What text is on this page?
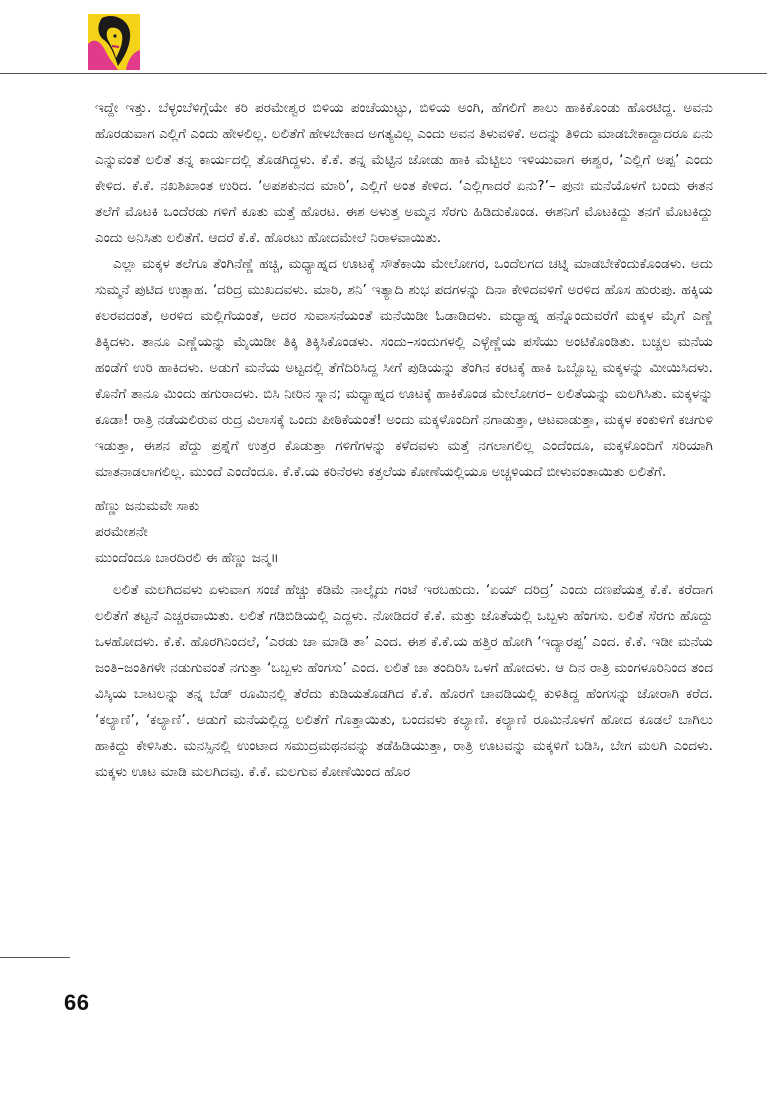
ಇದ್ದೇ ಇತ್ತು. ಬೆಳ್ಳಂಬೆಳಿಗ್ಗೆಯೇ ಕರಿ ಪರಮೇಶ್ವರ ಬಿಳಿಯ ಪಂಚೆಯುಟ್ಟು, ಬಿಳಿಯ ಅಂಗಿ, ಹೆಗಲಿಗೆ ಶಾಲು ಹಾಕಿಕೊಂಡು ಹೊರಟಿದ್ದ. ಅವನು ಹೊರಡುವಾಗ ಎಲ್ಲಿಗೆ ಎಂದು ಹೇಳಲಿಲ್ಲ. ಲಲಿತೆಗೆ ಹೇಳಬೇಕಾದ ಅಗತ್ಯವಿಲ್ಲ ಎಂದು ಅವನ ತಿಳುವಳಿಕೆ. ಅದನ್ನು ತಿಳಿದು ಮಾಡಬೇಕಾದ್ದಾದರೂ ಏನು ಎನ್ನುವಂತೆ ಲಲಿತೆ ತನ್ನ ಕಾರ್ಯದಲ್ಲಿ ತೊಡಗಿದ್ದಳು. ಕೆ.ಕೆ. ತನ್ನ ಮೆಟ್ಟಿನ ಜೋಡು ಹಾಕಿ ಮೆಟ್ಟಿಲು ಇಳಿಯುವಾಗ ಈಶ್ವರ, ‘ಎಲ್ಲಿಗೆ ಅಪ್ಪ’ ಎಂದು ಕೇಳಿದ. ಕೆ.ಕೆ. ನಖಶಿಖಾಂತ ಉರಿದ. ‘ಅಪಶಕುನದ ಮಾರಿ’, ಎಲ್ಲಿಗೆ ಅಂತ ಕೇಳಿದ. ‘ಎಲ್ಲಿಗಾದರೆ ಏನು?’– ಪುನಃ ಮನೆಯೊಳಗೆ ಬಂದು ಈತನ ತಲೆಗೆ ಮೊಟಕಿ ಒಂದೆರಡು ಗಳಿಗೆ ಕೂತು ಮತ್ತೆ ಹೊರಟ. ಈಶ ಅಳುತ್ತ ಅಮ್ಮನ ಸೆರಗು ಹಿಡಿದುಕೊಂಡ. ಈಶನಿಗೆ ಮೊಟಕಿದ್ದು ತನಗೆ ಮೊಟಕಿದ್ದು ಎಂದು ಅನಿಸಿತು ಲಲಿತೆಗೆ. ಆದರೆ ಕೆ.ಕೆ. ಹೊರಟು ಹೋದಮೇಲೆ ನಿರಾಳವಾಯಿತು.

ಎಲ್ಲಾ ಮಕ್ಕಳ ತಲೆಗೂ ತೆಂಗಿನೆಣ್ಣೆ ಹಚ್ಚಿ, ಮಧ್ಯಾಹ್ನದ ಊಟಕ್ಕೆ ಸೌತೆಕಾಯಿ ಮೇಲೋಗರ, ಒಂದೆಲಗದ ಚಟ್ನಿ ಮಾಡಬೇಕೆಂದುಕೊಂಡಳು. ಅದು ಸುಮ್ಮನೆ ಪುಟಿದ ಉತ್ಸಾಹ. ‘ದರಿದ್ರ ಮುಖದವಳು. ಮಾರಿ, ಶನಿ’ ಇತ್ಯಾದಿ ಶುಭ ಪದಗಳನ್ನು ದಿನಾ ಕೇಳಿದವಳಿಗೆ ಅರಳಿದ ಹೊಸ ಹುರುಪು. ಹಕ್ಕಿಯ ಕಲರವದಂತೆ, ಅರಳಿದ ಮಲ್ಲಿಗೆಯಂತೆ, ಅದರ ಸುವಾಸನೆಯಂತೆ ಮನೆಯಿಡೀ ಓಡಾಡಿದಳು. ಮಧ್ಯಾಹ್ನ ಹನ್ನೊಂದುವರೆಗೆ ಮಕ್ಕಳ ಮೈಗೆ ಎಣ್ಣೆ ತಿಕ್ಕಿದಳು. ತಾನೂ ಎಣ್ಣೆಯನ್ನು ಮೈಯಿಡೀ ತಿಕ್ಕಿ ತಿಕ್ಕಿಸಿಕೊಂಡಳು. ಸಂದು–ಸಂದುಗಳಲ್ಲಿ ಎಳ್ಳೆಣ್ಣೆಯ ಪಸೆಯು ಅಂಟಿಕೊಂಡಿತು. ಬಚ್ಚಲ ಮನೆಯ ಹಂಡೆಗೆ ಉರಿ ಹಾಕಿದಳು. ಅಡುಗೆ ಮನೆಯ ಅಟ್ಟದಲ್ಲಿ ತೆಗೆದಿರಿಸಿದ್ದ ಸೀಗೆ ಪುಡಿಯನ್ನು ತೆಂಗಿನ ಕರಟಕ್ಕೆ ಹಾಕಿ ಒಬ್ಬೊಬ್ಬ ಮಕ್ಕಳನ್ನು ಮೀಯಿಸಿದಳು. ಕೊನೆಗೆ ತಾನೂ ಮಿಂದು ಹಗುರಾದಳು. ಬಿಸಿ ನೀರಿನ ಸ್ನಾನ; ಮಧ್ಯಾಹ್ನದ ಊಟಕ್ಕೆ ಹಾಕಿಕೊಂಡ ಮೇಲೋಗರ– ಲಲಿತೆಯನ್ನು ಮಲಗಿಸಿತು. ಮಕ್ಕಳನ್ನು ಕೂಡಾ! ರಾತ್ರಿ ನಡೆಯಲಿರುವ ರುದ್ರ ವಿಲಾಸಕ್ಕೆ ಒಂದು ಪೀಠಿಕೆಯಂತೆ! ಅಂದು ಮಕ್ಕಳೊಂದಿಗೆ ನಗಾಡುತ್ತಾ, ಆಟವಾಡುತ್ತಾ, ಮಕ್ಕಳ ಕಂಕುಳಿಗೆ ಕಚಗುಳಿ ಇಡುತ್ತಾ, ಈಶನ ಪೆದ್ದು ಪ್ರಶ್ನೆಗೆ ಉತ್ತರ ಕೊಡುತ್ತಾ ಗಳಿಗೆಗಳನ್ನು ಕಳೆದವಳು ಮತ್ತೆ ನಗಲಾಗಲಿಲ್ಲ ಎಂದೆಂದೂ, ಮಕ್ಕಳೊಂದಿಗೆ ಸರಿಯಾಗಿ ಮಾತನಾಡಲಾಗಲಿಲ್ಲ. ಮುಂದೆ ಎಂದೆಂದೂ. ಕೆ.ಕೆ.ಯ ಕರಿನೆರಳು ಕತ್ತಲೆಯ ಕೋಣೆಯಲ್ಲಿಯೂ ಅಚ್ಚಳಿಯದೆ ಬೀಳುವಂತಾಯಿತು ಲಲಿತೆಗೆ.

ಹೆಣ್ಣು ಜನುಮವೇ ಸಾಕು
ಪರಮೇಶನೇ
ಮುಂದೆಂದೂ ಬಾರದಿರಲಿ ಈ ಹೆಣ್ಣು ಜನ್ಮ॥

ಲಲಿತೆ ಮಲಗಿದವಳು ಏಳುವಾಗ ಸಂಜೆ ಹೆಚ್ಚು ಕಡಿಮೆ ನಾಲ್ಕೈದು ಗಂಟೆ ಇರಬಹುದು. ‘ಏಯ್ ದರಿದ್ರ’ ಎಂದು ದಣಪೆಯತ್ತ ಕೆ.ಕೆ. ಕರೆದಾಗ ಲಲಿತೆಗೆ ತಟ್ಟನೆ ಎಚ್ಚರವಾಯಿತು. ಲಲಿತೆ ಗಡಿಬಿಡಿಯಲ್ಲಿ ಎದ್ದಳು. ನೋಡಿದರೆ ಕೆ.ಕೆ. ಮತ್ತು ಜೊತೆಯಲ್ಲಿ ಒಬ್ಬಳು ಹೆಂಗಸು. ಲಲಿತೆ ಸೆರಗು ಹೊದ್ದು ಒಳಹೋದಳು. ಕೆ.ಕೆ. ಹೊರಗಿನಿಂದಲೆ, ‘ಎರಡು ಚಾ ಮಾಡಿ ತಾ’ ಎಂದ. ಈಶ ಕೆ.ಕೆ.ಯ ಹತ್ತಿರ ಹೋಗಿ ‘ಇದ್ಯಾರಪ್ಪ’ ಎಂದ. ಕೆ.ಕೆ. ಇಡೀ ಮನೆಯ ಜಂತಿ–ಜಂತಿಗಳೇ ನಡುಗುವಂತೆ ನಗುತ್ತಾ ‘ಒಬ್ಬಳು ಹೆಂಗಸು’ ಎಂದ. ಲಲಿತೆ ಚಾ ತಂದಿರಿಸಿ ಒಳಗೆ ಹೋದಳು. ಆ ದಿನ ರಾತ್ರಿ ಮಂಗಳೂರಿನಿಂದ ತಂದ ವಿಸ್ಕಿಯ ಬಾಟಲನ್ನು ತನ್ನ ಬೆಡ್ ರೂಮಿನಲ್ಲಿ ತೆರೆದು ಕುಡಿಯತೊಡಗಿದ ಕೆ.ಕೆ. ಹೊರಗೆ ಚಾವಡಿಯಲ್ಲಿ ಕುಳಿತಿದ್ದ ಹೆಂಗಸನ್ನು ಜೋರಾಗಿ ಕರೆದ. ‘ಕಲ್ಯಾಣಿ’, ‘ಕಲ್ಯಾಣಿ’. ಅಡುಗೆ ಮನೆಯಲ್ಲಿದ್ದ ಲಲಿತೆಗೆ ಗೊತ್ತಾಯಿತು, ಬಂದವಳು ಕಲ್ಯಾಣಿ. ಕಲ್ಯಾಣಿ ರೂಮಿನೊಳಗೆ ಹೋದ ಕೂಡಲೆ ಬಾಗಿಲು ಹಾಕಿದ್ದು ಕೇಳಿಸಿತು. ಮನಸ್ಸಿನಲ್ಲಿ ಉಂಟಾದ ಸಮುದ್ರಮಥನವನ್ನು ತಡೆಹಿಡಿಯುತ್ತಾ, ರಾತ್ರಿ ಊಟವನ್ನು ಮಕ್ಕಳಿಗೆ ಬಡಿಸಿ, ಬೇಗ ಮಲಗಿ ಎಂದಳು. ಮಕ್ಕಳು ಊಟ ಮಾಡಿ ಮಲಗಿದವು. ಕೆ.ಕೆ. ಮಲಗುವ ಕೋಣೆಯಿಂದ ಹೊರ

66
